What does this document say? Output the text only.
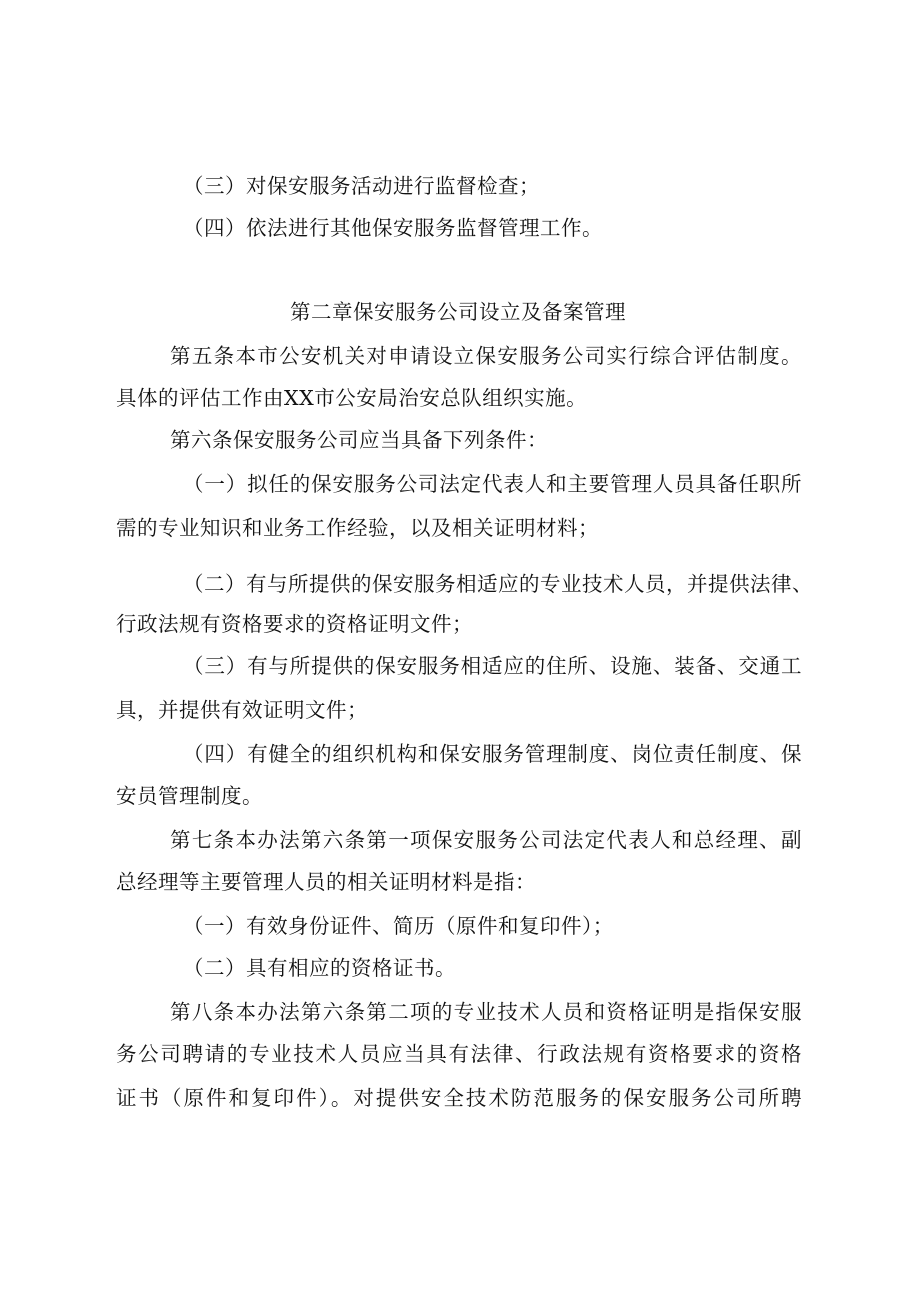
（三）对保安服务活动进行监督检查；

（四）依法进行其他保安服务监督管理工作。

第二章保安服务公司设立及备案管理

第五条本市公安机关对申请设立保安服务公司实行综合评估制度。

具体的评估工作由XX市公安局治安总队组织实施。

第六条保安服务公司应当具备下列条件：

（一）拟任的保安服务公司法定代表人和主要管理人员具备任职所

需的专业知识和业务工作经验，以及相关证明材料；

（二）有与所提供的保安服务相适应的专业技术人员，并提供法律、

行政法规有资格要求的资格证明文件；

（三）有与所提供的保安服务相适应的住所、设施、装备、交通工

具，并提供有效证明文件；

（四）有健全的组织机构和保安服务管理制度、岗位责任制度、保

安员管理制度。

第七条本办法第六条第一项保安服务公司法定代表人和总经理、副

总经理等主要管理人员的相关证明材料是指：

（一）有效身份证件、简历（原件和复印件）；

（二）具有相应的资格证书。

第八条本办法第六条第二项的专业技术人员和资格证明是指保安服

务公司聘请的专业技术人员应当具有法律、行政法规有资格要求的资格

证书（原件和复印件）。对提供安全技术防范服务的保安服务公司所聘
